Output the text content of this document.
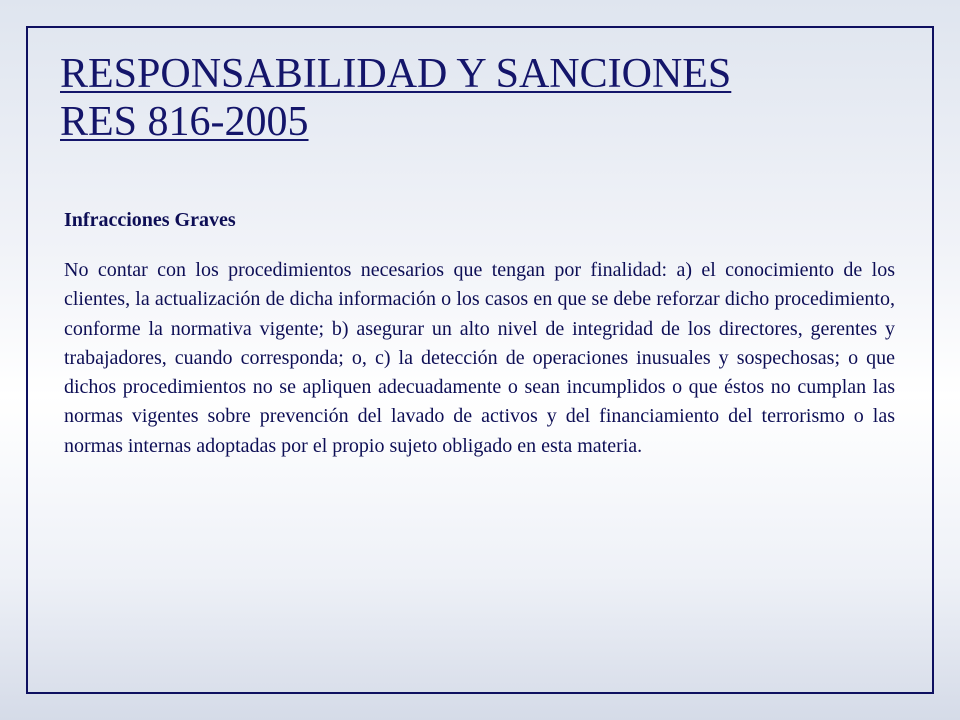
RESPONSABILIDAD Y SANCIONES
RES 816-2005

Infracciones Graves

No contar con los procedimientos necesarios que tengan por finalidad: a) el conocimiento de los clientes, la actualización de dicha información o los casos en que se debe reforzar dicho procedimiento, conforme la normativa vigente; b) asegurar un alto nivel de integridad de los directores, gerentes y trabajadores, cuando corresponda; o, c) la detección de operaciones inusuales y sospechosas; o que dichos procedimientos no se apliquen adecuadamente o sean incumplidos o que éstos no cumplan las normas vigentes sobre prevención del lavado de activos y del financiamiento del terrorismo o las normas internas adoptadas por el propio sujeto obligado en esta materia.
